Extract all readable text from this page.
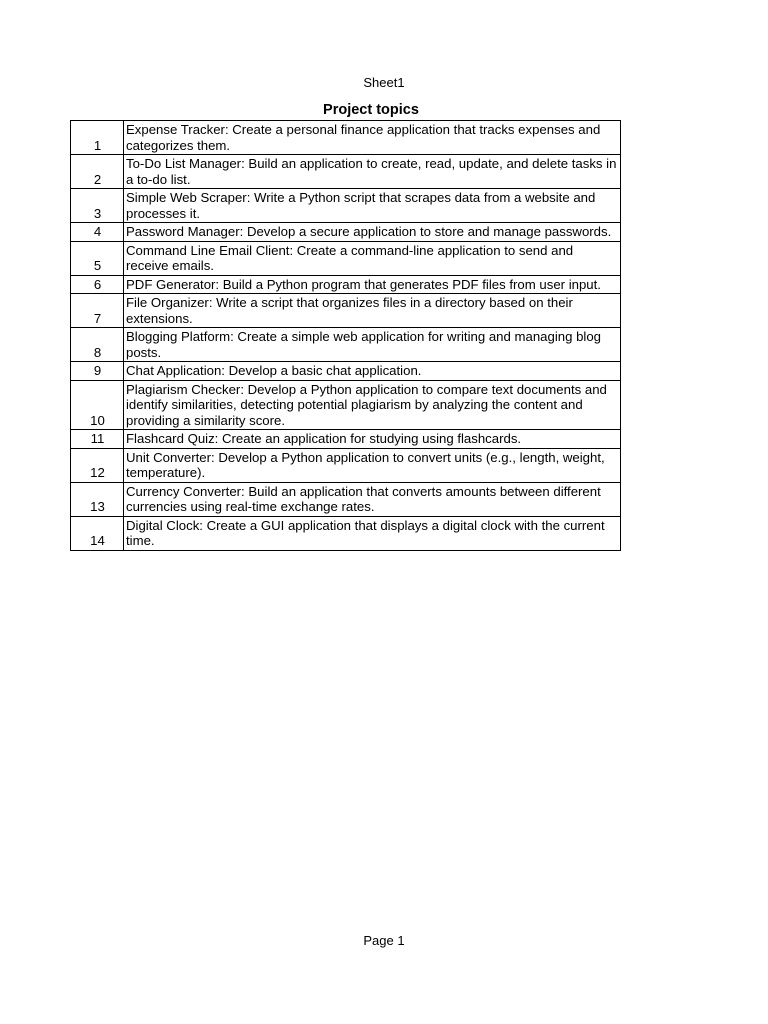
Sheet1
Project topics
1	Expense Tracker: Create a personal finance application that tracks expenses and categorizes them.
2	To-Do List Manager: Build an application to create, read, update, and delete tasks in a to-do list.
3	Simple Web Scraper: Write a Python script that scrapes data from a website and processes it.
4	Password Manager: Develop a secure application to store and manage passwords.
5	Command Line Email Client: Create a command-line application to send and receive emails.
6	PDF Generator: Build a Python program that generates PDF files from user input.
7	File Organizer: Write a script that organizes files in a directory based on their extensions.
8	Blogging Platform: Create a simple web application for writing and managing blog posts.
9	Chat Application: Develop a basic chat application.
10	Plagiarism Checker: Develop a Python application to compare text documents and identify similarities, detecting potential plagiarism by analyzing the content and providing a similarity score.
11	Flashcard Quiz: Create an application for studying using flashcards.
12	Unit Converter: Develop a Python application to convert units (e.g., length, weight, temperature).
13	Currency Converter: Build an application that converts amounts between different currencies using real-time exchange rates.
14	Digital Clock: Create a GUI application that displays a digital clock with the current time.
Page 1
